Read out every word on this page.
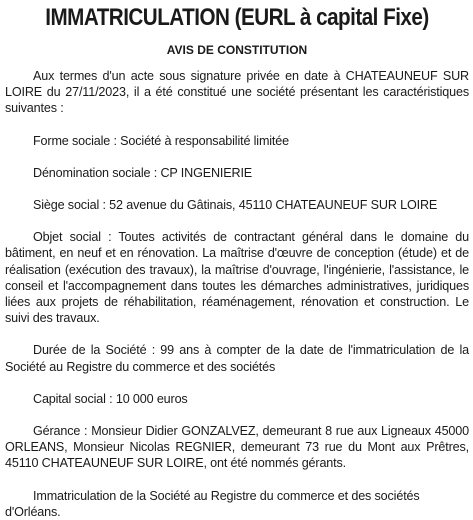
IMMATRICULATION (EURL à capital Fixe)
AVIS DE CONSTITUTION

Aux termes d'un acte sous signature privée en date à CHATEAUNEUF SUR LOIRE du 27/11/2023, il a été constitué une société présentant les caractéristiques suivantes :

Forme sociale : Société à responsabilité limitée

Dénomination sociale : CP INGENIERIE

Siège social : 52 avenue du Gâtinais, 45110 CHATEAUNEUF SUR LOIRE

Objet social : Toutes activités de contractant général dans le domaine du bâtiment, en neuf et en rénovation. La maîtrise d'œuvre de conception (étude) et de réalisation (exécution des travaux), la maîtrise d'ouvrage, l'ingénierie, l'assistance, le conseil et l'accompagnement dans toutes les démarches administratives, juridiques liées aux projets de réhabilitation, réaménagement, rénovation et construction. Le suivi des travaux.

Durée de la Société : 99 ans à compter de la date de l'immatriculation de la Société au Registre du commerce et des sociétés

Capital social : 10 000 euros

Gérance : Monsieur Didier GONZALVEZ, demeurant 8 rue aux Ligneaux 45000 ORLEANS, Monsieur Nicolas REGNIER, demeurant 73 rue du Mont aux Prêtres, 45110 CHATEAUNEUF SUR LOIRE, ont été nommés gérants.

Immatriculation de la Société au Registre du commerce et des sociétés d'Orléans.
